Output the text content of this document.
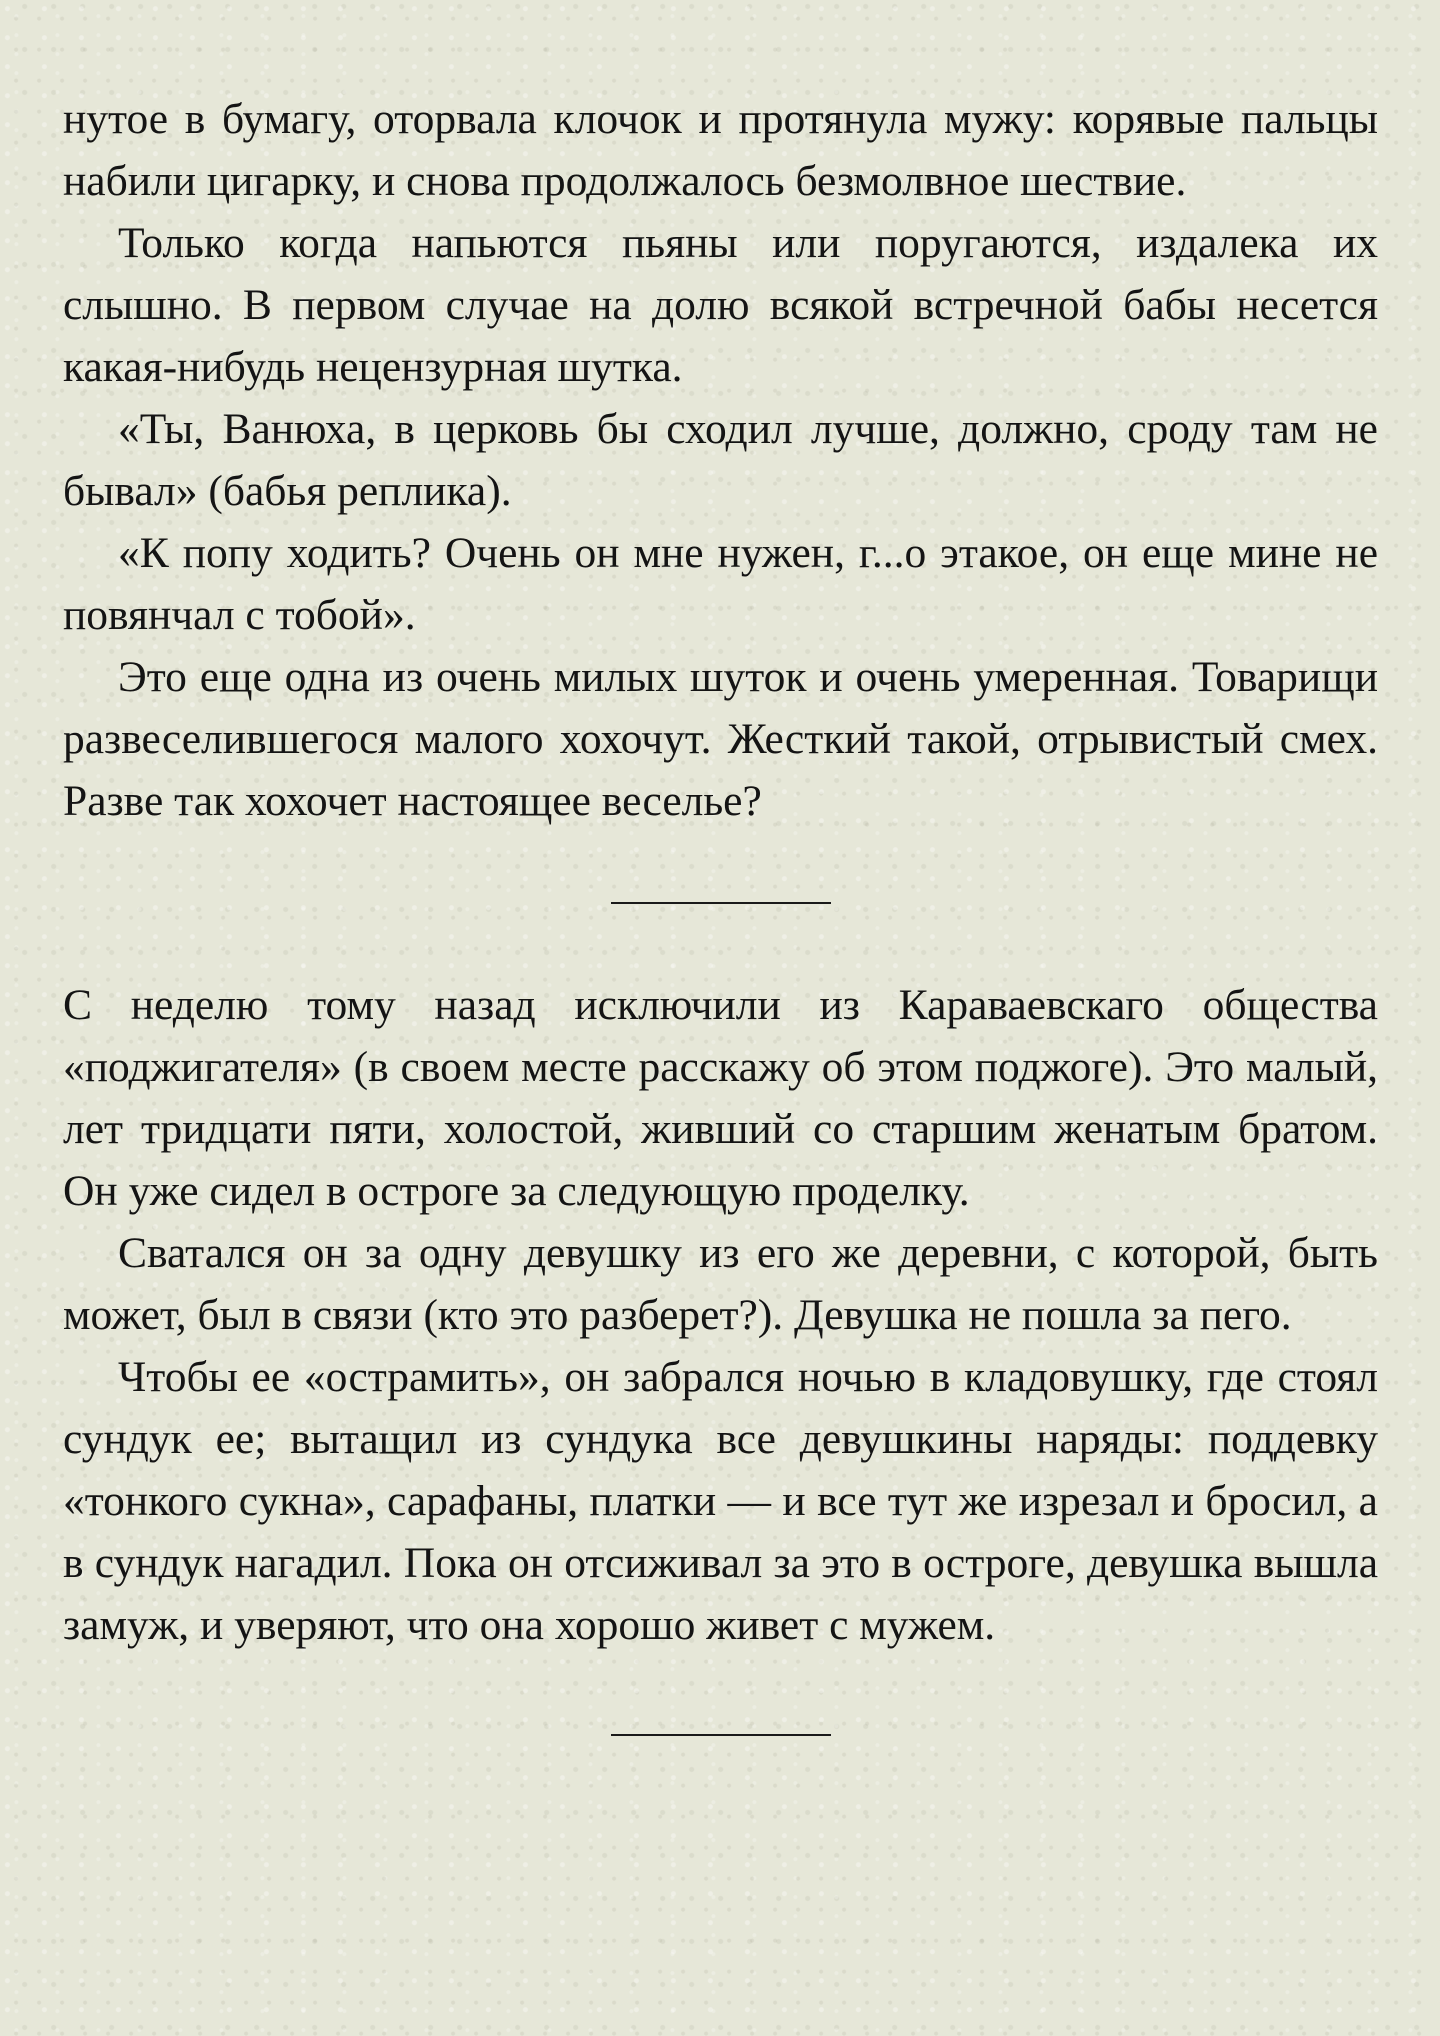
нутое в бумагу, оторвала клочок и протянула мужу: корявые пальцы набили цигарку, и снова продолжалось безмолвное шествие.

Только когда напьются пьяны или поругаются, издалека их слышно. В первом случае на долю всякой встречной бабы несется какая-нибудь нецензурная шутка.

«Ты, Ванюха, в церковь бы сходил лучше, должно, сроду там не бывал» (бабья реплика).

«К попу ходить? Очень он мне нужен, г...о этакое, он еще мине не повянчал с тобой».

Это еще одна из очень милых шуток и очень умеренная. Товарищи развеселившегося малого хохочут. Жесткий такой, отрывистый смех. Разве так хохочет настоящее веселье?

С неделю тому назад исключили из Караваевскаго общества «поджигателя» (в своем месте расскажу об этом поджоге). Это малый, лет тридцати пяти, холостой, живший со старшим женатым братом. Он уже сидел в остроге за следующую проделку.

Сватался он за одну девушку из его же деревни, с которой, быть может, был в связи (кто это разберет?). Девушка не пошла за пего.

Чтобы ее «острамить», он забрался ночью в кладовушку, где стоял сундук ее; вытащил из сундука все девушкины наряды: поддевку «тонкого сукна», сарафаны, платки — и все тут же изрезал и бросил, а в сундук нагадил. Пока он отсиживал за это в остроге, девушка вышла замуж, и уверяют, что она хорошо живет с мужем.
